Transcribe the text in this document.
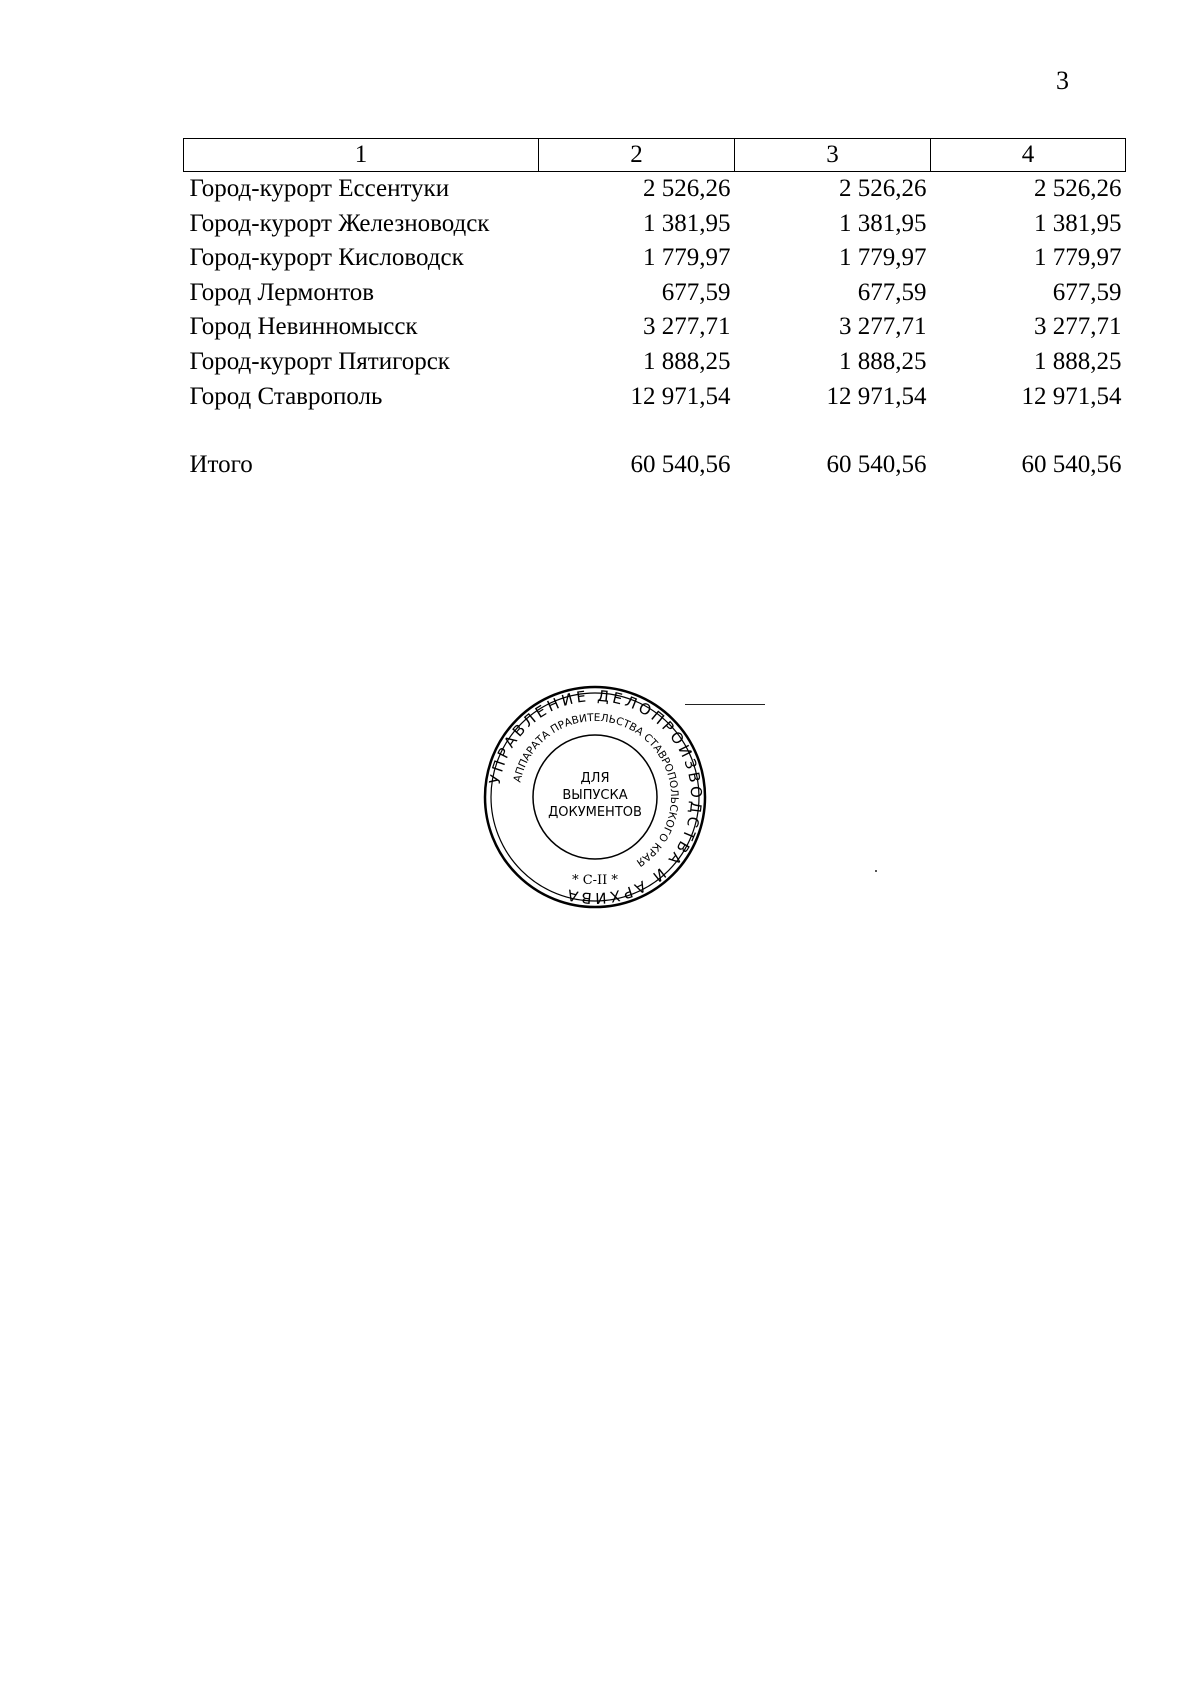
3
1	2	3	4
Город-курорт Ессентуки	2 526,26	2 526,26	2 526,26
Город-курорт Железноводск	1 381,95	1 381,95	1 381,95
Город-курорт Кисловодск	1 779,97	1 779,97	1 779,97
Город Лермонтов	677,59	677,59	677,59
Город Невинномысск	3 277,71	3 277,71	3 277,71
Город-курорт Пятигорск	1 888,25	1 888,25	1 888,25
Город Ставрополь	12 971,54	12 971,54	12 971,54

Итого	60 540,56	60 540,56	60 540,56
УПРАВЛЕНИЕ ДЕЛОПРОИЗВОДСТВА И АРХИВА
АППАРАТА ПРАВИТЕЛЬСТВА СТАВРОПОЛЬСКОГО КРАЯ
ДЛЯ
ВЫПУСКА
ДОКУМЕНТОВ
* С-II *
